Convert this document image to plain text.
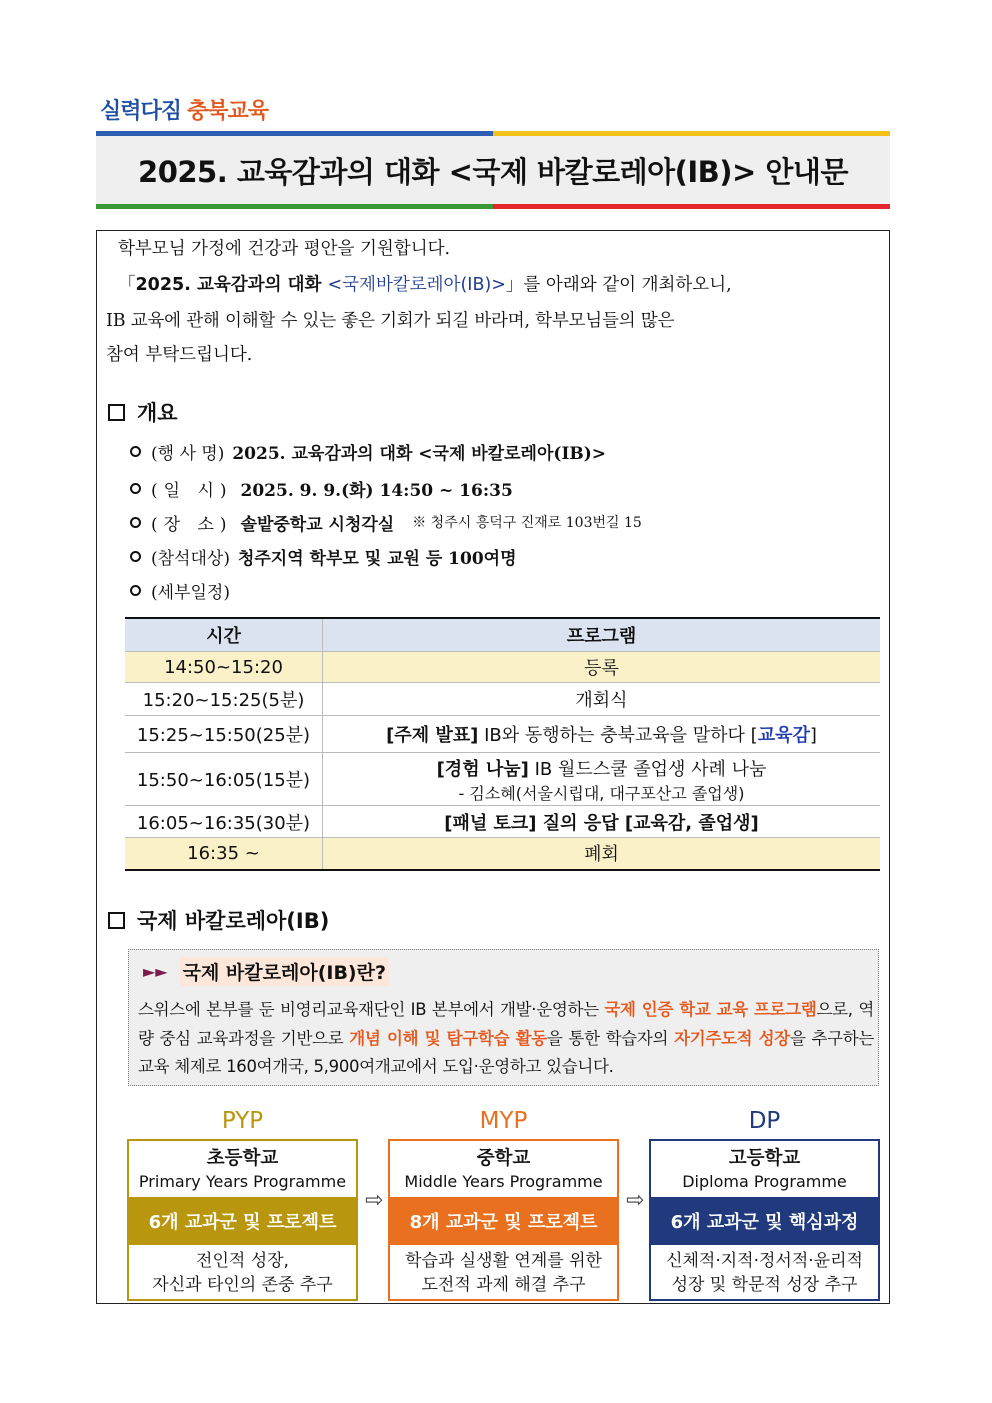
실력다짐 충북교육
2025. 교육감과의 대화 <국제 바칼로레아(IB)> 안내문
학부모님 가정에 건강과 평안을 기원합니다.
「2025. 교육감과의 대화 <국제바칼로레아(IB)>」를 아래와 같이 개최하오니,
IB 교육에 관해 이해할 수 있는 좋은 기회가 되길 바라며, 학부모님들의 많은
참여 부탁드립니다.
개요
(행 사 명) 2025. 교육감과의 대화 <국제 바칼로레아(IB)>
(일 시) 2025. 9. 9.(화) 14:50 ~ 16:35
(장 소) 솔밭중학교 시청각실 ※ 청주시 흥덕구 진재로 103번길 15
(참석대상) 청주지역 학부모 및 교원 등 100여명
(세부일정)
시간	프로그램
14:50~15:20	등록
15:20~15:25(5분)	개회식
15:25~15:50(25분)	[주제 발표] IB와 동행하는 충북교육을 말하다 [교육감]
15:50~16:05(15분)	[경험 나눔] IB 월드스쿨 졸업생 사례 나눔
- 김소혜(서울시립대, 대구포산고 졸업생)

16:05~16:35(30분)	[패널 토크] 질의 응답 [교육감, 졸업생]
16:35 ~	폐회
국제 바칼로레아(IB)
►► 국제 바칼로레아(IB)란?
스위스에 본부를 둔 비영리교육재단인 IB 본부에서 개발·운영하는 국제 인증 학교 교육 프로그램으로, 역량 중심 교육과정을 기반으로 개념 이해 및 탐구학습 활동을 통한 학습자의 자기주도적 성장을 추구하는 교육 체제로 160여개국, 5,900여개교에서 도입·운영하고 있습니다.
PYP	MYP	DP
초등학교
Primary Years Programme
6개 교과군 및 프로젝트
전인적 성장,
자신과 타인의 존중 추구
⇨
중학교
Middle Years Programme
8개 교과군 및 프로젝트
학습과 실생활 연계를 위한
도전적 과제 해결 추구
⇨
고등학교
Diploma Programme
6개 교과군 및 핵심과정
신체적·지적·정서적·윤리적
성장 및 학문적 성장 추구
